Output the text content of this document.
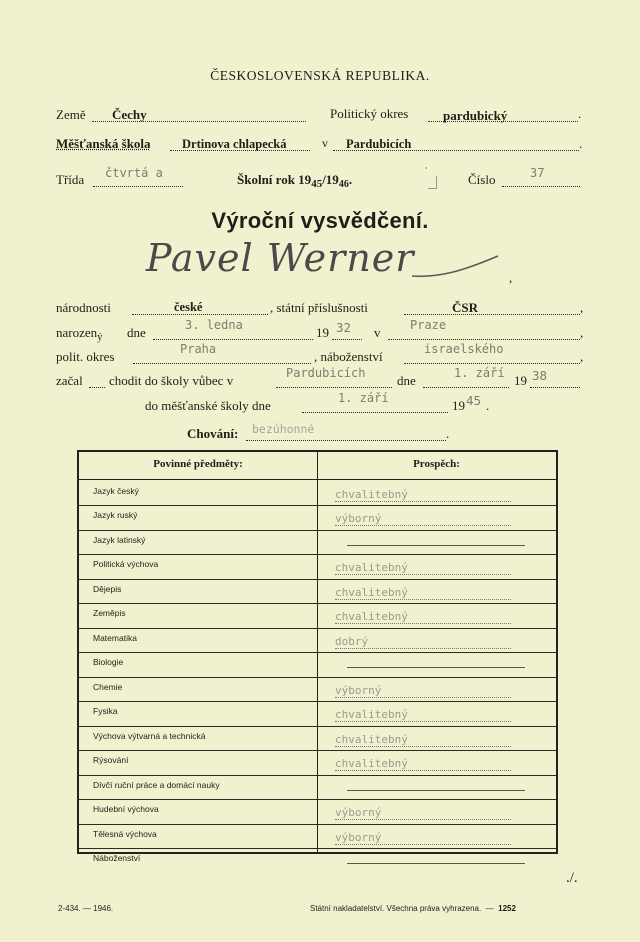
ČESKOSLOVENSKÁ REPUBLIKA.
Země Čechy	Politický okres	pardubický	.
Měšťanská škola	Drtinova chlapecká	v Pardubicích	.
Třída čtvrtá a	Školní rok $19_{45}/19_{46}$.
ˈ
Číslo	37
Výroční vysvědčení.
Pavel Werner	,
národnosti	české	, státní příslušnosti	ČSR	,
narozen$_ý$ dne	3. ledna	19 32 v Praze	,
polit. okres	Praha	, náboženství	israelského	,
začal chodit do školy vůbec v	Pardubicích dne	1. září 19 38
do měšťanské školy dne	1. září	19 45 .
Chování: bezúhonné	.
Povinné předměty:	Prospěch:
Jazyk český	chvalitebný
Jazyk ruský	výborný
Jazyk latinský
Politická výchova	chvalitebný
Dějepis	chvalitebný
Zeměpis	chvalitebný
Matematika	dobrý
Biologie
Chemie	výborný
Fysika	chvalitebný
Výchova výtvarná a technická	chvalitebný
Rýsování	chvalitebný
Dívčí ruční práce a domácí nauky
Hudební výchova	výborný
Tělesná výchova	výborný
Náboženství
./.
2-434. — 1946.	Státní nakladatelství. Všechna práva vyhrazena. — 1252
